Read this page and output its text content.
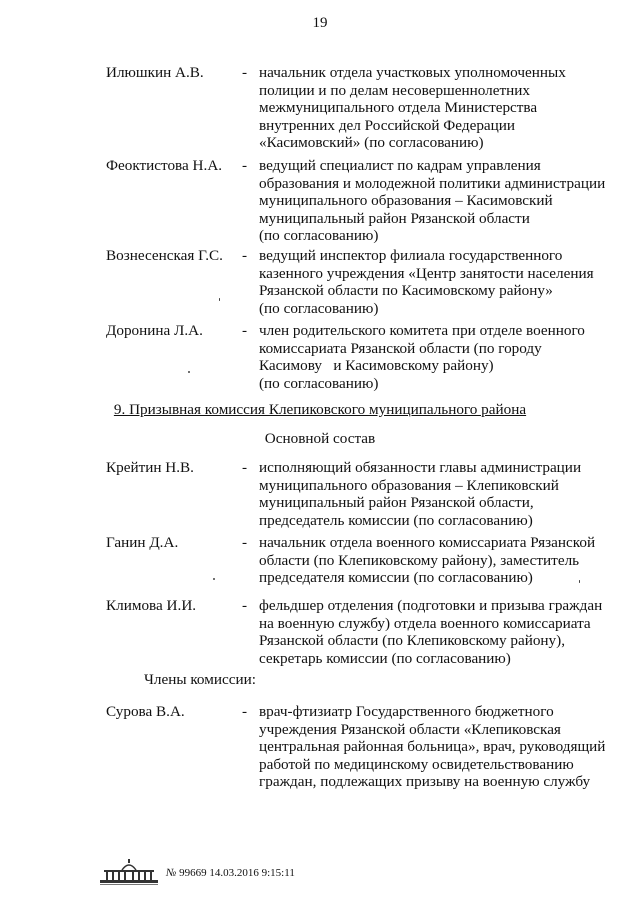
19
Илюшкин А.В.	- начальник отдела участковых уполномоченных
полиции и по делам несовершеннолетних
межмуниципального отдела Министерства
внутренних дел Российской Федерации
«Касимовский» (по согласованию)
Феоктистова Н.А. - ведущий специалист по кадрам управления
образования и молодежной политики администрации
муниципального образования – Касимовский
муниципальный район Рязанской области
(по согласованию)
Вознесенская Г.С. - ведущий инспектор филиала государственного
казенного учреждения «Центр занятости населения
Рязанской области по Касимовскому району»
(по согласованию)
Доронина Л.А.	- член родительского комитета при отделе военного
комиссариата Рязанской области (по городу
Касимову   и Касимовскому району)
(по согласованию)
9. Призывная комиссия Клепиковского муниципального района
Основной состав
Крейтин Н.В.	- исполняющий обязанности главы администрации
муниципального образования – Клепиковский
муниципальный район Рязанской области,
председатель комиссии (по согласованию)
Ганин Д.А.	- начальник отдела военного комиссариата Рязанской
области (по Клепиковскому району), заместитель
председателя комиссии (по согласованию)
Климова И.И.	- фельдшер отделения (подготовки и призыва граждан
на военную службу) отдела военного комиссариата
Рязанской области (по Клепиковскому району),
секретарь комиссии (по согласованию)
Члены комиссии:
Сурова В.А.	- врач-фтизиатр Государственного бюджетного
учреждения Рязанской области «Клепиковская
центральная районная больница», врач, руководящий
работой по медицинскому освидетельствованию
граждан, подлежащих призыву на военную службу
№ 99669 14.03.2016 9:15:11
